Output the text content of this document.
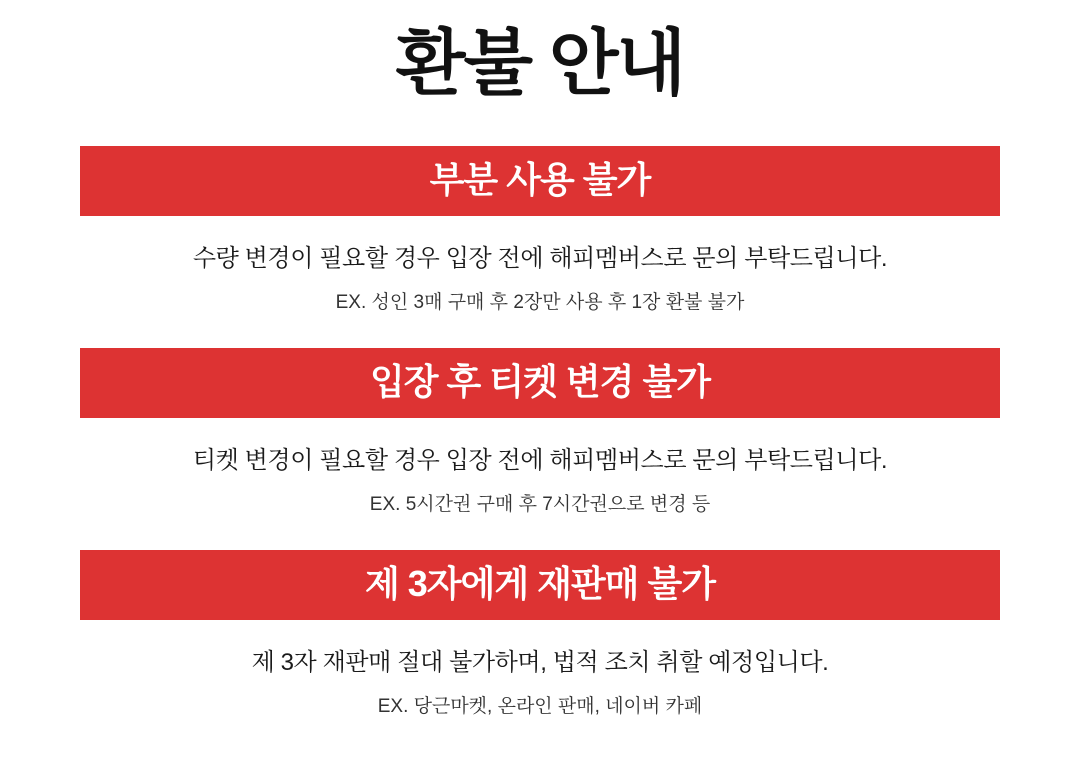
환불 안내
부분 사용 불가
수량 변경이 필요할 경우 입장 전에 해피멤버스로 문의 부탁드립니다.
EX. 성인 3매 구매 후 2장만 사용 후 1장 환불 불가
입장 후 티켓 변경 불가
티켓 변경이 필요할 경우 입장 전에 해피멤버스로 문의 부탁드립니다.
EX. 5시간권 구매 후 7시간권으로 변경 등
제 3자에게 재판매 불가
제 3자 재판매 절대 불가하며, 법적 조치 취할 예정입니다.
EX. 당근마켓, 온라인 판매, 네이버 카페
